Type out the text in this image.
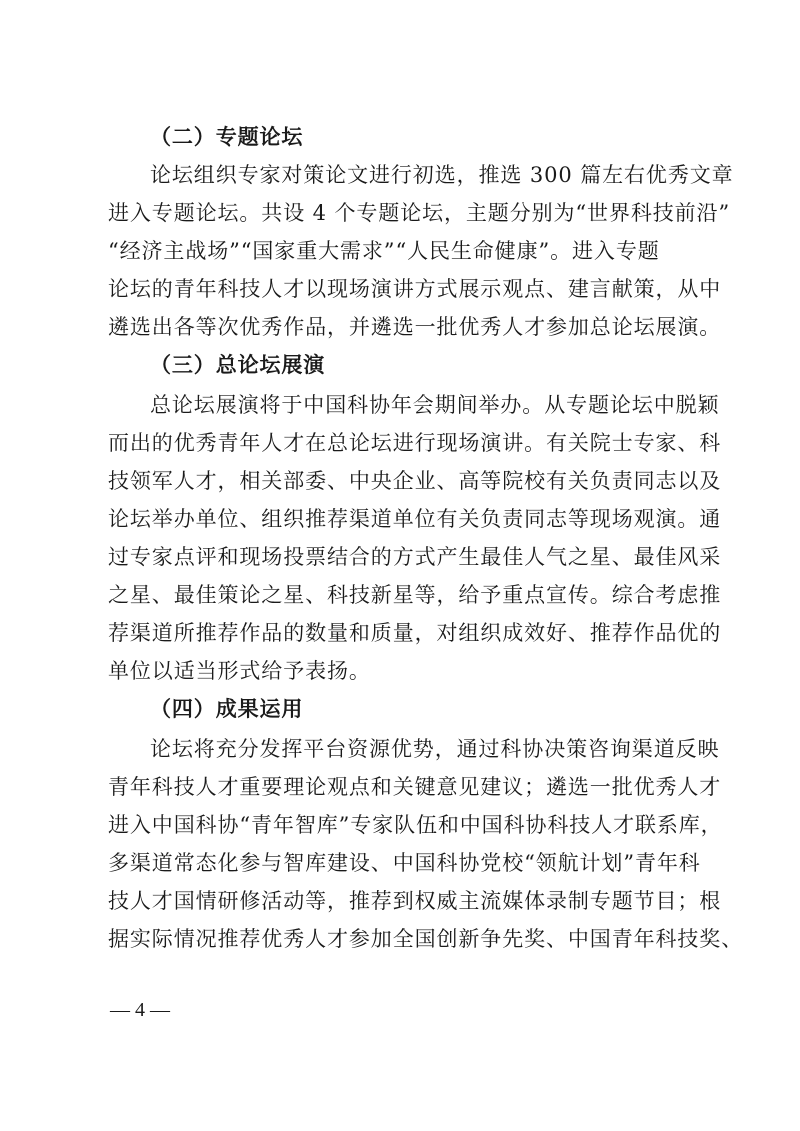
（二）专题论坛
论坛组织专家对策论文进行初选，推选 300 篇左右优秀文章
进入专题论坛。共设 4 个专题论坛，主题分别为“世界科技前沿”
“经济主战场”“国家重大需求”“人民生命健康”。进入专题
论坛的青年科技人才以现场演讲方式展示观点、建言献策，从中
遴选出各等次优秀作品，并遴选一批优秀人才参加总论坛展演。
（三）总论坛展演
总论坛展演将于中国科协年会期间举办。从专题论坛中脱颖
而出的优秀青年人才在总论坛进行现场演讲。有关院士专家、科
技领军人才，相关部委、中央企业、高等院校有关负责同志以及
论坛举办单位、组织推荐渠道单位有关负责同志等现场观演。通
过专家点评和现场投票结合的方式产生最佳人气之星、最佳风采
之星、最佳策论之星、科技新星等，给予重点宣传。综合考虑推
荐渠道所推荐作品的数量和质量，对组织成效好、推荐作品优的
单位以适当形式给予表扬。
（四）成果运用
论坛将充分发挥平台资源优势，通过科协决策咨询渠道反映
青年科技人才重要理论观点和关键意见建议；遴选一批优秀人才
进入中国科协“青年智库”专家队伍和中国科协科技人才联系库，
多渠道常态化参与智库建设、中国科协党校“领航计划”青年科
技人才国情研修活动等，推荐到权威主流媒体录制专题节目；根
据实际情况推荐优秀人才参加全国创新争先奖、中国青年科技奖、
— 4 —
